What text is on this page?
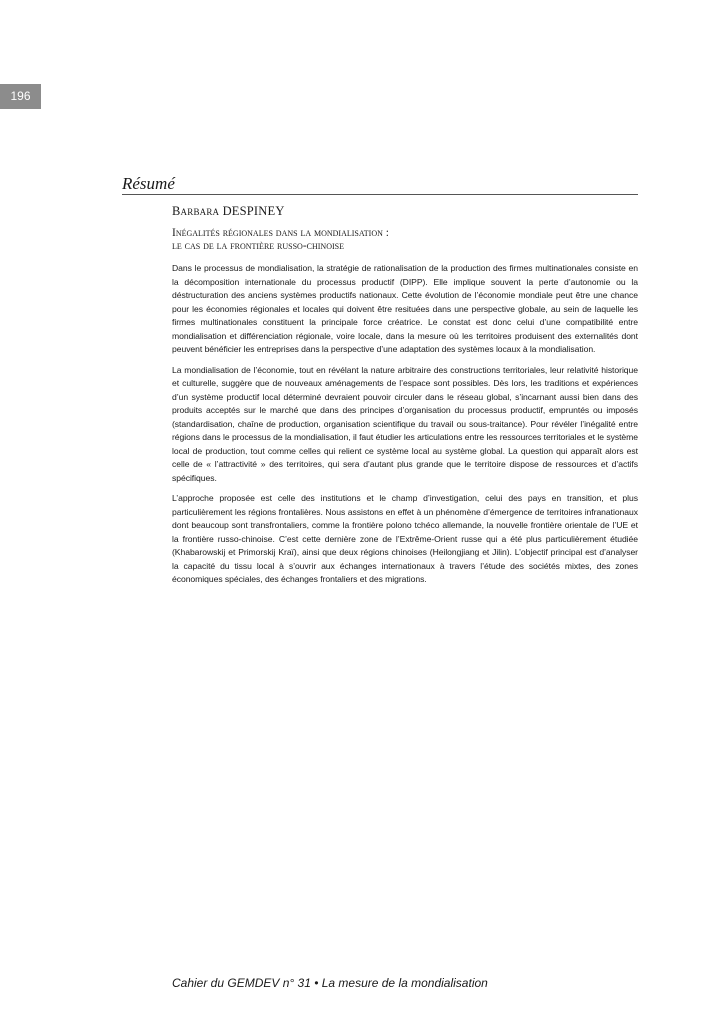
196
Résumé
Barbara DESPINEY
Inégalités régionales dans la mondialisation :
le cas de la frontière russo-chinoise

Dans le processus de mondialisation, la stratégie de rationalisation de la production des firmes multinationales consiste en la décomposition internationale du processus productif (DIPP). Elle implique souvent la perte d’autonomie ou la déstructuration des anciens systèmes productifs nationaux. Cette évolution de l’économie mondiale peut être une chance pour les économies régionales et locales qui doivent être resituées dans une perspective globale, au sein de laquelle les firmes multinationales constituent la principale force créatrice. Le constat est donc celui d’une compatibilité entre mondialisation et différenciation régionale, voire locale, dans la mesure où les territoires produisent des externalités dont peuvent bénéficier les entreprises dans la perspective d’une adaptation des systèmes locaux à la mondialisation.

La mondialisation de l’économie, tout en révélant la nature arbitraire des constructions territoriales, leur relativité historique et culturelle, suggère que de nouveaux aménagements de l’espace sont possibles. Dès lors, les traditions et expériences d’un système productif local déterminé devraient pouvoir circuler dans le réseau global, s’incarnant aussi bien dans des produits acceptés sur le marché que dans des principes d’organisation du processus productif, empruntés ou imposés (standardisation, chaîne de production, organisation scientifique du travail ou sous-traitance). Pour révéler l’inégalité entre régions dans le processus de la mondialisation, il faut étudier les articulations entre les ressources territoriales et le système local de production, tout comme celles qui relient ce système local au système global. La question qui apparaît alors est celle de « l’attractivité » des territoires, qui sera d’autant plus grande que le territoire dispose de ressources et d’actifs spécifiques.

L’approche proposée est celle des institutions et le champ d’investigation, celui des pays en transition, et plus particulièrement les régions frontalières. Nous assistons en effet à un phénomène d’émergence de territoires infranationaux dont beaucoup sont transfrontaliers, comme la frontière polono tchéco allemande, la nouvelle frontière orientale de l’UE et la frontière russo-chinoise. C’est cette dernière zone de l’Extrême-Orient russe qui a été plus particulièrement étudiée (Khabarowskij et Primorskij Kraï), ainsi que deux régions chinoises (Heilongjiang et Jilin). L’objectif principal est d’analyser la capacité du tissu local à s’ouvrir aux échanges internationaux à travers l’étude des sociétés mixtes, des zones économiques spéciales, des échanges frontaliers et des migrations.

Cahier du GEMDEV n° 31 • La mesure de la mondialisation
